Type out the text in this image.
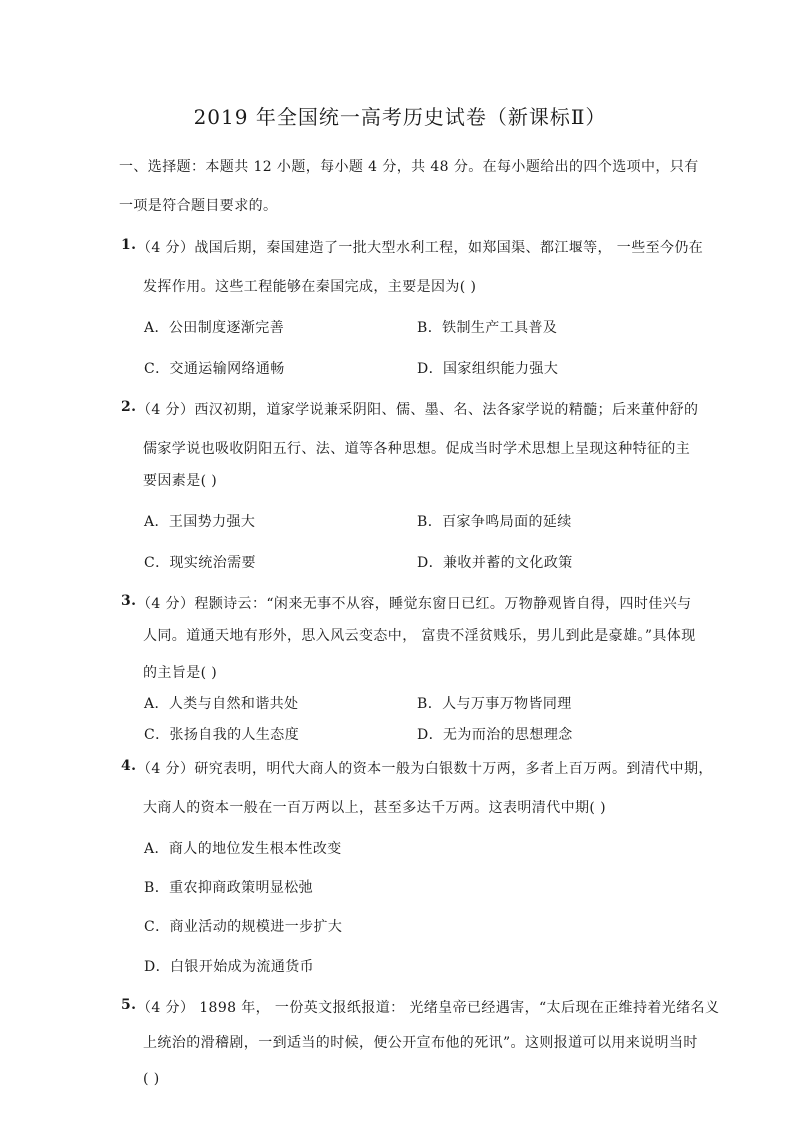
2019 年全国统一高考历史试卷（新课标Ⅱ）
一、选择题：本题共 12 小题，每小题 4 分，共 48 分。在每小题给出的四个选项中，只有
一项是符合题目要求的。
1. （4 分）战国后期，秦国建造了一批大型水利工程，如郑国渠、都江堰等， 一些至今仍在
发挥作用。这些工程能够在秦国完成，主要是因为( )
A．公田制度逐渐完善	B．铁制生产工具普及
C．交通运输网络通畅	D．国家组织能力强大
2. （4 分）西汉初期，道家学说兼采阴阳、儒、墨、名、法各家学说的精髓；后来董仲舒的
儒家学说也吸收阴阳五行、法、道等各种思想。促成当时学术思想上呈现这种特征的主
要因素是( )
A．王国势力强大	B．百家争鸣局面的延续
C．现实统治需要	D．兼收并蓄的文化政策
3. （4 分）程颢诗云：“闲来无事不从容，睡觉东窗日已红。万物静观皆自得，四时佳兴与
人同。道通天地有形外，思入风云变态中， 富贵不淫贫贱乐，男儿到此是豪雄。”具体现
的主旨是( )
A．人类与自然和谐共处	B．人与万事万物皆同理
C．张扬自我的人生态度	D．无为而治的思想理念
4. （4 分）研究表明，明代大商人的资本一般为白银数十万两，多者上百万两。到清代中期，
大商人的资本一般在一百万两以上，甚至多达千万两。这表明清代中期( )
A．商人的地位发生根本性改变
B．重农抑商政策明显松弛
C．商业活动的规模进一步扩大
D．白银开始成为流通货币
5. （4 分） 1898 年， 一份英文报纸报道： 光绪皇帝已经遇害，“太后现在正维持着光绪名义
上统治的滑稽剧，一到适当的时候，便公开宣布他的死讯”。这则报道可以用来说明当时
( )
